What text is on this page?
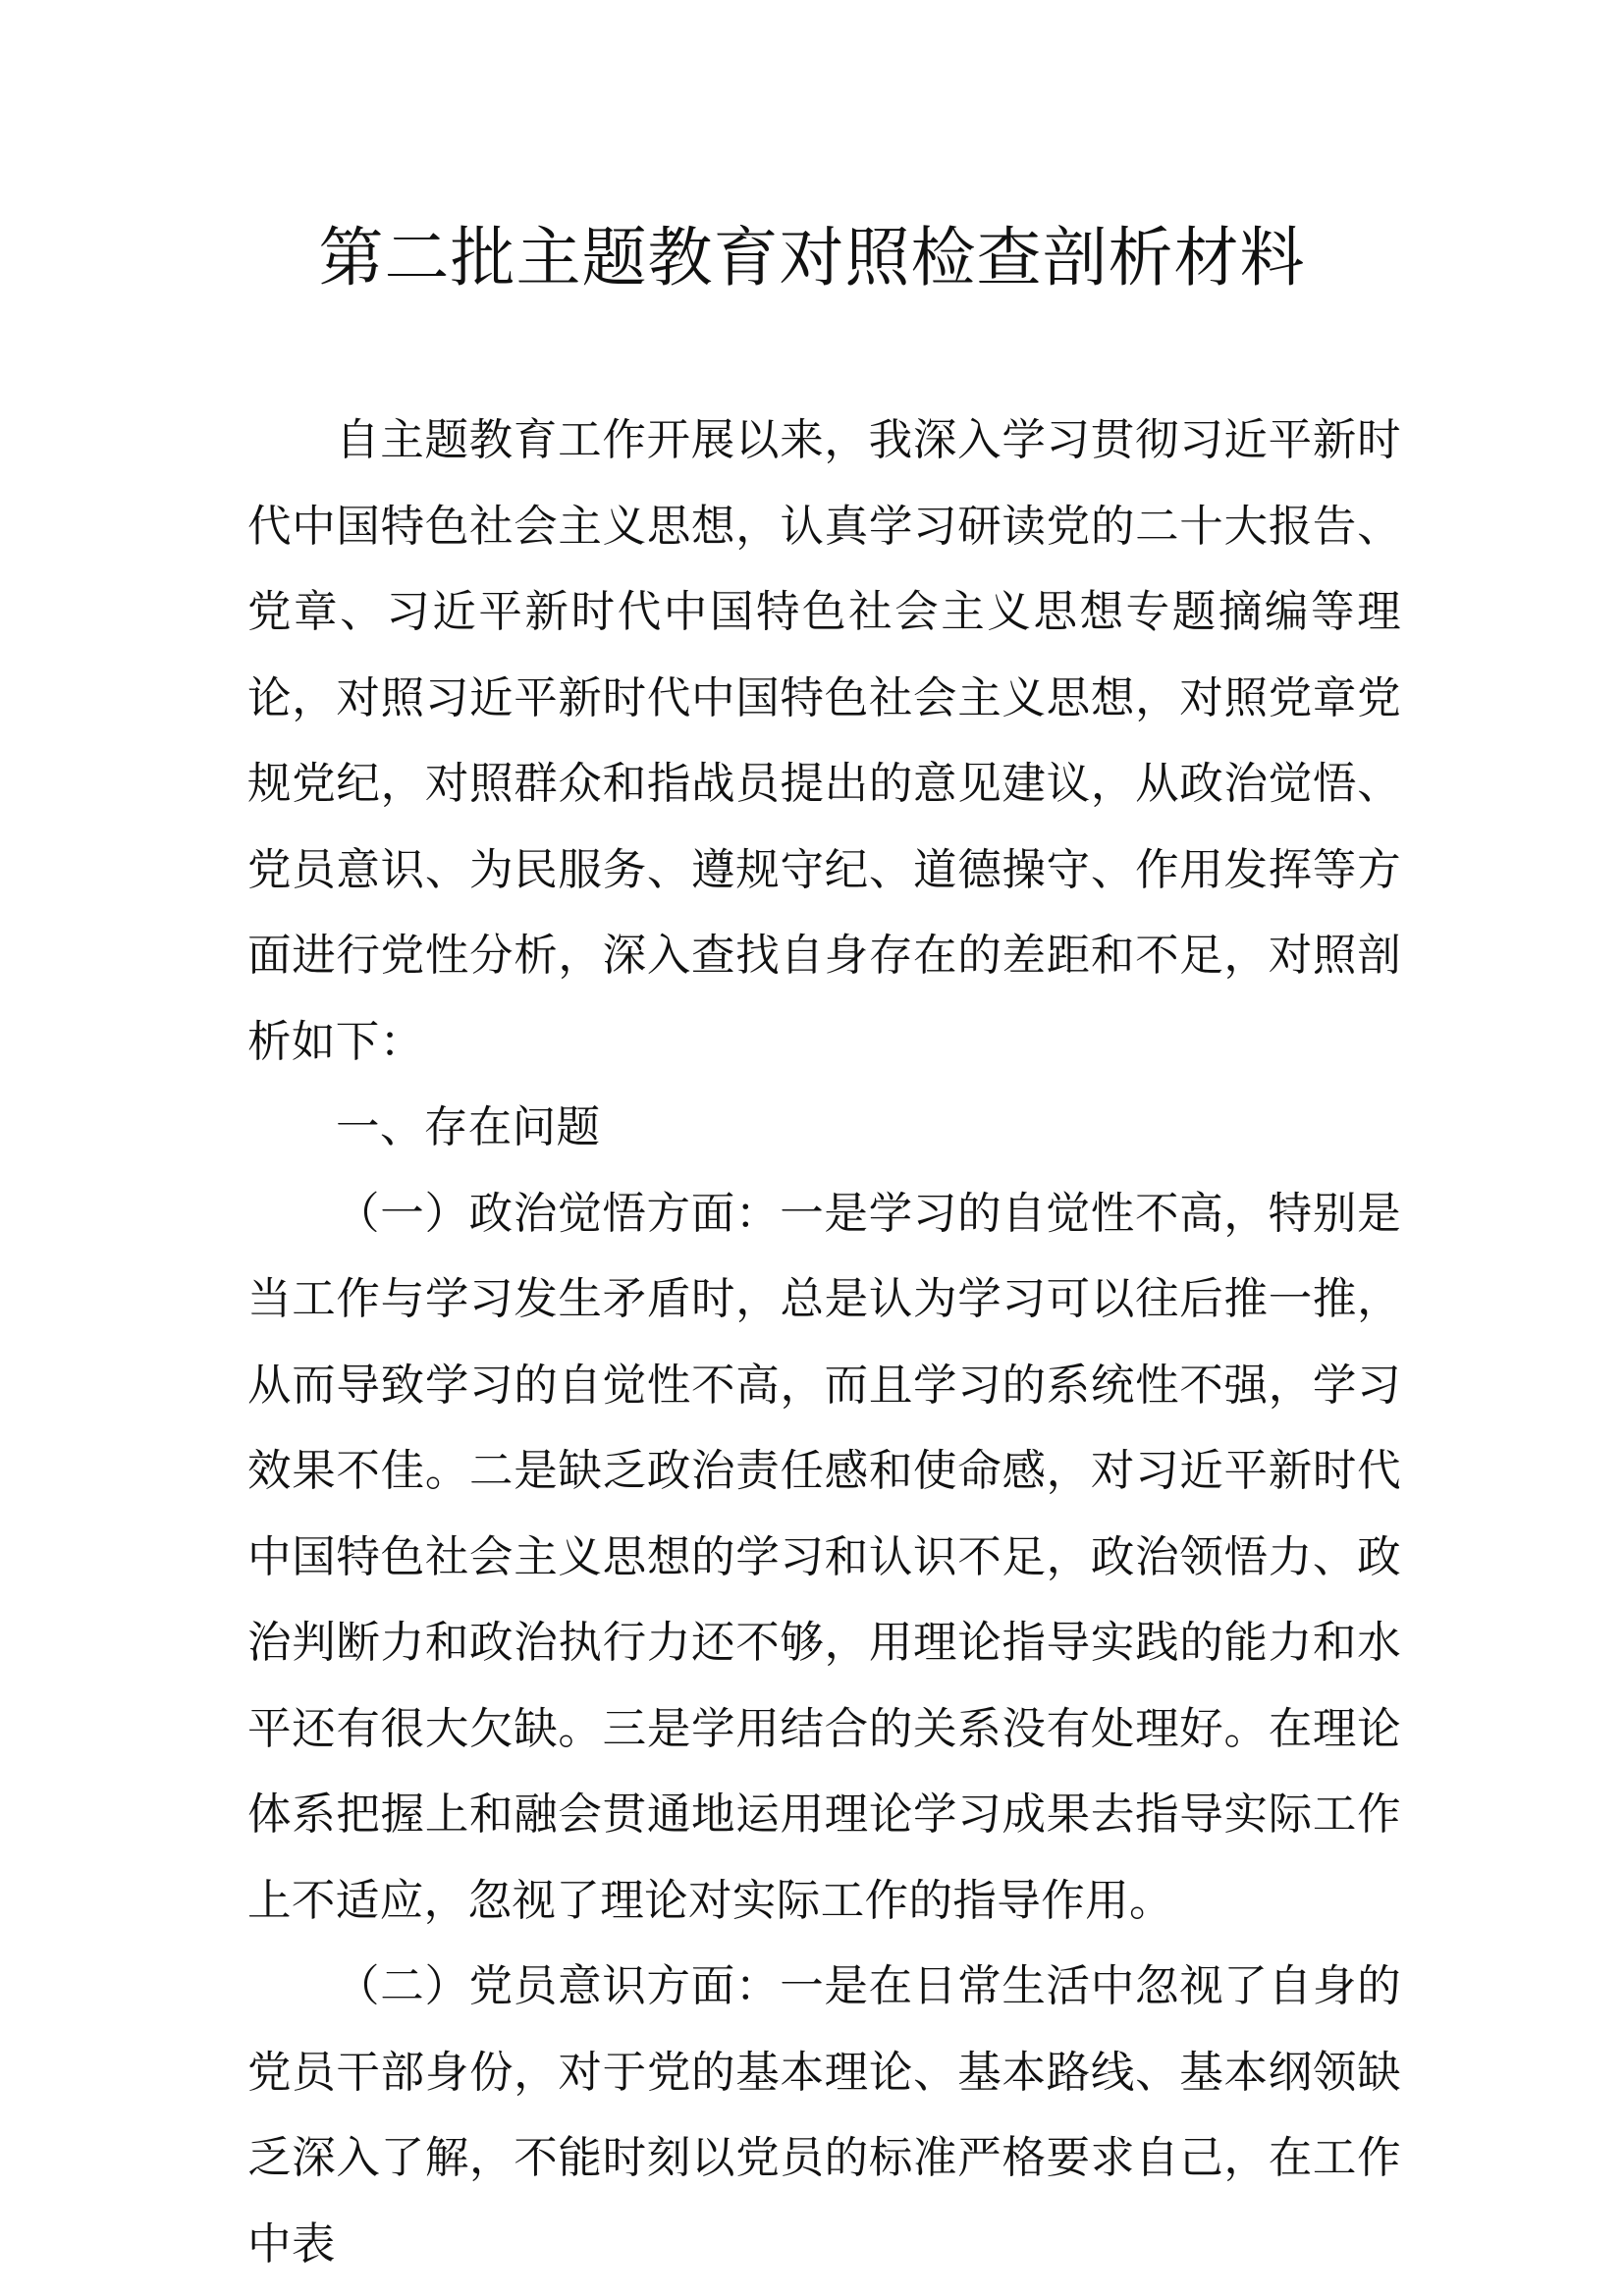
第二批主题教育对照检查剖析材料

自主题教育工作开展以来，我深入学习贯彻习近平新时代中国特色社会主义思想，认真学习研读党的二十大报告、党章、习近平新时代中国特色社会主义思想专题摘编等理论，对照习近平新时代中国特色社会主义思想，对照党章党规党纪，对照群众和指战员提出的意见建议，从政治觉悟、党员意识、为民服务、遵规守纪、道德操守、作用发挥等方面进行党性分析，深入查找自身存在的差距和不足，对照剖析如下：

一、存在问题

（一）政治觉悟方面：一是学习的自觉性不高，特别是当工作与学习发生矛盾时，总是认为学习可以往后推一推，从而导致学习的自觉性不高，而且学习的系统性不强，学习效果不佳。二是缺乏政治责任感和使命感，对习近平新时代中国特色社会主义思想的学习和认识不足，政治领悟力、政治判断力和政治执行力还不够，用理论指导实践的能力和水平还有很大欠缺。三是学用结合的关系没有处理好。在理论体系把握上和融会贯通地运用理论学习成果去指导实际工作上不适应，忽视了理论对实际工作的指导作用。

（二）党员意识方面：一是在日常生活中忽视了自身的党员干部身份，对于党的基本理论、基本路线、基本纲领缺乏深入了解，不能时刻以党员的标准严格要求自己，在工作中表
